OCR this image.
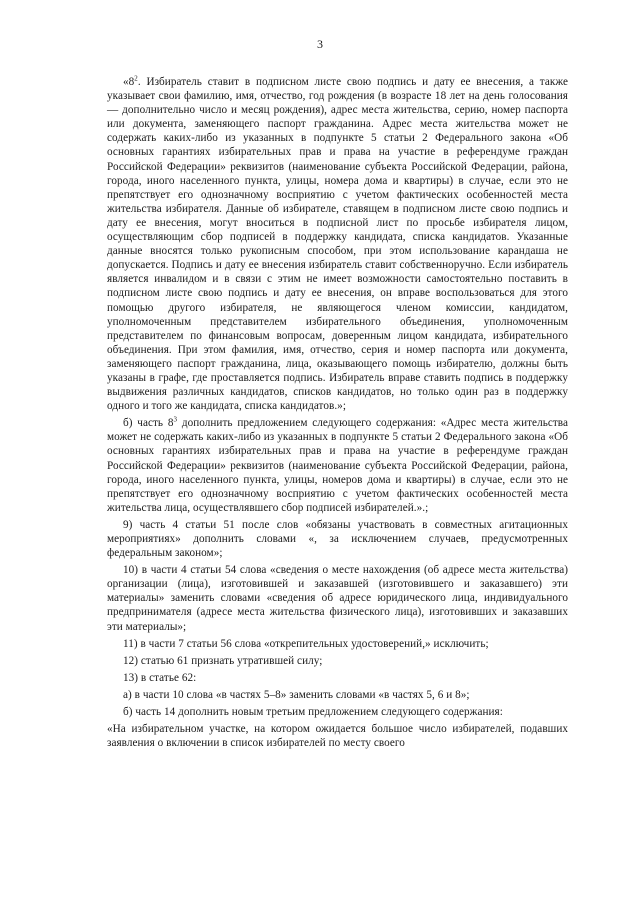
3

«$8^2$. Избиратель ставит в подписном листе свою подпись и дату ее внесения, а также указывает свои фамилию, имя, отчество, год рождения (в возрасте 18 лет на день голосования — дополнительно число и месяц рождения), адрес места жительства, серию, номер паспорта или документа, заменяющего паспорт гражданина. Адрес места жительства может не содержать каких-либо из указанных в подпункте 5 статьи 2 Федерального закона «Об основных гарантиях избирательных прав и права на участие в референдуме граждан Российской Федерации» реквизитов (наименование субъекта Российской Федерации, района, города, иного населенного пункта, улицы, номера дома и квартиры) в случае, если это не препятствует его однозначному восприятию с учетом фактических особенностей места жительства избирателя. Данные об избирателе, ставящем в подписном листе свою подпись и дату ее внесения, могут вноситься в подписной лист по просьбе избирателя лицом, осуществляющим сбор подписей в поддержку кандидата, списка кандидатов. Указанные данные вносятся только рукописным способом, при этом использование карандаша не допускается. Подпись и дату ее внесения избиратель ставит собственноручно. Если избиратель является инвалидом и в связи с этим не имеет возможности самостоятельно поставить в подписном листе свою подпись и дату ее внесения, он вправе воспользоваться для этого помощью другого избирателя, не являющегося членом комиссии, кандидатом, уполномоченным представителем избирательного объединения, уполномоченным представителем по финансовым вопросам, доверенным лицом кандидата, избирательного объединения. При этом фамилия, имя, отчество, серия и номер паспорта или документа, заменяющего паспорт гражданина, лица, оказывающего помощь избирателю, должны быть указаны в графе, где проставляется подпись. Избиратель вправе ставить подпись в поддержку выдвижения различных кандидатов, списков кандидатов, но только один раз в поддержку одного и того же кандидата, списка кандидатов.»;

б) часть $8^3$ дополнить предложением следующего содержания: «Адрес места жительства может не содержать каких-либо из указанных в подпункте 5 статьи 2 Федерального закона «Об основных гарантиях избирательных прав и права на участие в референдуме граждан Российской Федерации» реквизитов (наименование субъекта Российской Федерации, района, города, иного населенного пункта, улицы, номеров дома и квартиры) в случае, если это не препятствует его однозначному восприятию с учетом фактических особенностей места жительства лица, осуществлявшего сбор подписей избирателей.».;

9) часть 4 статьи 51 после слов «обязаны участвовать в совместных агитационных мероприятиях» дополнить словами «, за исключением случаев, предусмотренных федеральным законом»;

10) в части 4 статьи 54 слова «сведения о месте нахождения (об адресе места жительства) организации (лица), изготовившей и заказавшей (изготовившего и заказавшего) эти материалы» заменить словами «сведения об адресе юридического лица, индивидуального предпринимателя (адресе места жительства физического лица), изготовивших и заказавших эти материалы»;

11) в части 7 статьи 56 слова «открепительных удостоверений,» исключить;

12) статью 61 признать утратившей силу;

13) в статье 62:

а) в части 10 слова «в частях 5–8» заменить словами «в частях 5, 6 и 8»;

б) часть 14 дополнить новым третьим предложением следующего содержания:

«На избирательном участке, на котором ожидается большое число избирателей, подавших заявления о включении в список избирателей по месту своего
